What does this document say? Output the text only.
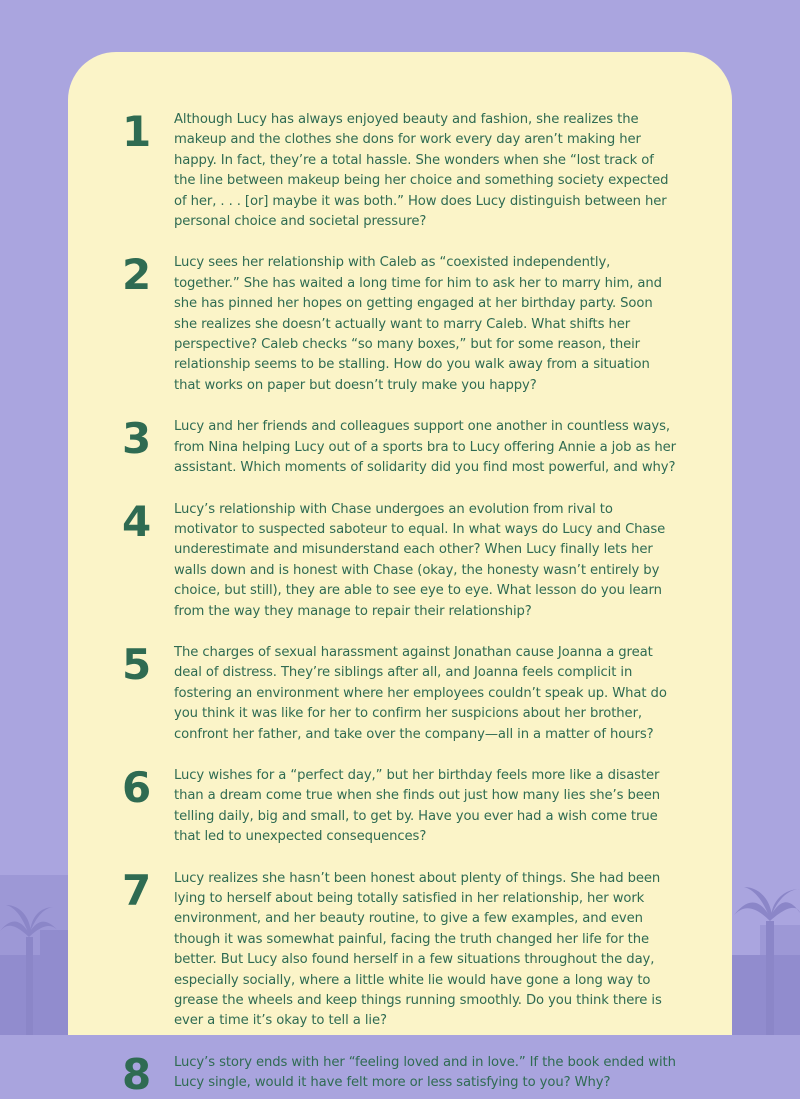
1	Although Lucy has always enjoyed beauty and fashion, she realizes the makeup and the clothes she dons for work every day aren’t making her happy. In fact, they’re a total hassle. She wonders when she “lost track of the line between makeup being her choice and something society expected of her, . . . [or] maybe it was both.” How does Lucy distinguish between her personal choice and societal pressure?
2	Lucy sees her relationship with Caleb as “coexisted independently, together.” She has waited a long time for him to ask her to marry him, and she has pinned her hopes on getting engaged at her birthday party. Soon she realizes she doesn’t actually want to marry Caleb. What shifts her perspective? Caleb checks “so many boxes,” but for some reason, their relationship seems to be stalling. How do you walk away from a situation that works on paper but doesn’t truly make you happy?
3	Lucy and her friends and colleagues support one another in countless ways, from Nina helping Lucy out of a sports bra to Lucy offering Annie a job as her assistant. Which moments of solidarity did you find most powerful, and why?
4	Lucy’s relationship with Chase undergoes an evolution from rival to motivator to suspected saboteur to equal. In what ways do Lucy and Chase underestimate and misunderstand each other? When Lucy finally lets her walls down and is honest with Chase (okay, the honesty wasn’t entirely by choice, but still), they are able to see eye to eye. What lesson do you learn from the way they manage to repair their relationship?
5	The charges of sexual harassment against Jonathan cause Joanna a great deal of distress. They’re siblings after all, and Joanna feels complicit in fostering an environment where her employees couldn’t speak up. What do you think it was like for her to confirm her suspicions about her brother, confront her father, and take over the company—all in a matter of hours?
6	Lucy wishes for a “perfect day,” but her birthday feels more like a disaster than a dream come true when she finds out just how many lies she’s been telling daily, big and small, to get by. Have you ever had a wish come true that led to unexpected consequences?
7	Lucy realizes she hasn’t been honest about plenty of things. She had been lying to herself about being totally satisfied in her relationship, her work environment, and her beauty routine, to give a few examples, and even though it was somewhat painful, facing the truth changed her life for the better. But Lucy also found herself in a few situations throughout the day, especially socially, where a little white lie would have gone a long way to grease the wheels and keep things running smoothly. Do you think there is ever a time it’s okay to tell a lie?
8	Lucy’s story ends with her “feeling loved and in love.” If the book ended with Lucy single, would it have felt more or less satisfying to you? Why?
